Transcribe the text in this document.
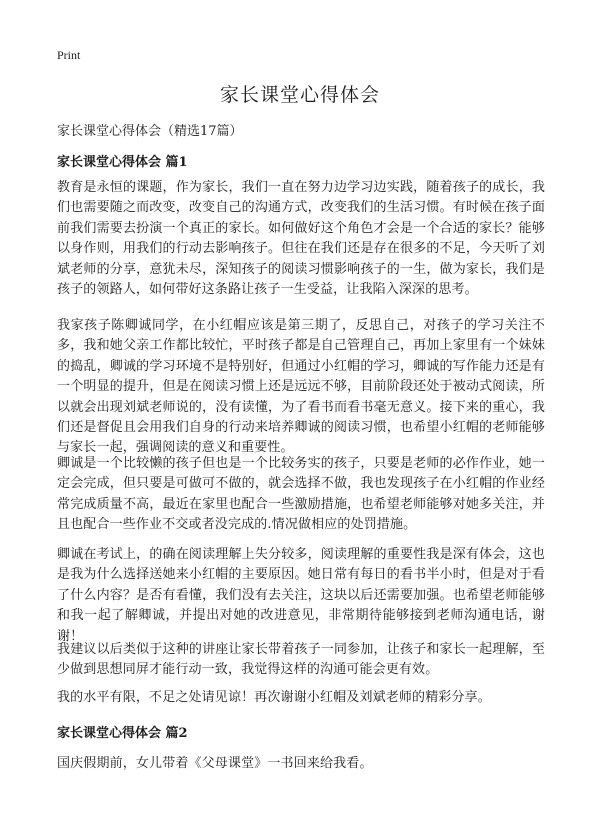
Print
家长课堂心得体会

家长课堂心得体会（精选17篇）

家长课堂心得体会 篇1

教育是永恒的课题，作为家长，我们一直在努力边学习边实践，随着孩子的成长，我们也需要随之而改变，改变自己的沟通方式，改变我们的生活习惯。有时候在孩子面前我们需要去扮演一个真正的家长。如何做好这个角色才会是一个合适的家长？能够以身作则，用我们的行动去影响孩子。但往在我们还是存在很多的不足，今天听了刘斌老师的分享，意犹未尽，深知孩子的阅读习惯影响孩子的一生，做为家长，我们是孩子的领路人，如何带好这条路让孩子一生受益，让我陷入深深的思考。

我家孩子陈卿诚同学，在小红帽应该是第三期了，反思自己，对孩子的学习关注不多，我和她父亲工作都比较忙，平时孩子都是自己管理自己，再加上家里有一个妹妹的捣乱，卿诚的学习环境不是特别好，但通过小红帽的学习，卿诚的写作能力还是有一个明显的提升，但是在阅读习惯上还是远远不够，目前阶段还处于被动式阅读，所以就会出现刘斌老师说的，没有读懂，为了看书而看书毫无意义。接下来的重心，我们还是督促且会用我们自身的行动来培养卿诚的阅读习惯，也希望小红帽的老师能够与家长一起，强调阅读的意义和重要性。

卿诚是一个比较懒的孩子但也是一个比较务实的孩子，只要是老师的必作作业，她一定会完成，但只要是可做可不做的，就会选择不做，我也发现孩子在小红帽的作业经常完成质量不高，最近在家里也配合一些激励措施，也希望老师能够对她多关注，并且也配合一些作业不交或者没完成的.情况做相应的处罚措施。

卿诚在考试上，的确在阅读理解上失分较多，阅读理解的重要性我是深有体会，这也是我为什么选择送她来小红帽的主要原因。她日常有每日的看书半小时，但是对于看了什么内容？是否有看懂，我们没有去关注，这块以后还需要加强。也希望老师能够和我一起了解卿诚，并提出对她的改进意见，非常期待能够接到老师沟通电话，谢谢！

我建议以后类似于这种的讲座让家长带着孩子一同参加，让孩子和家长一起理解，至少做到思想同屏才能行动一致，我觉得这样的沟通可能会更有效。

我的水平有限，不足之处请见谅！再次谢谢小红帽及刘斌老师的精彩分享。

家长课堂心得体会 篇2

国庆假期前，女儿带着《父母课堂》一书回来给我看。
